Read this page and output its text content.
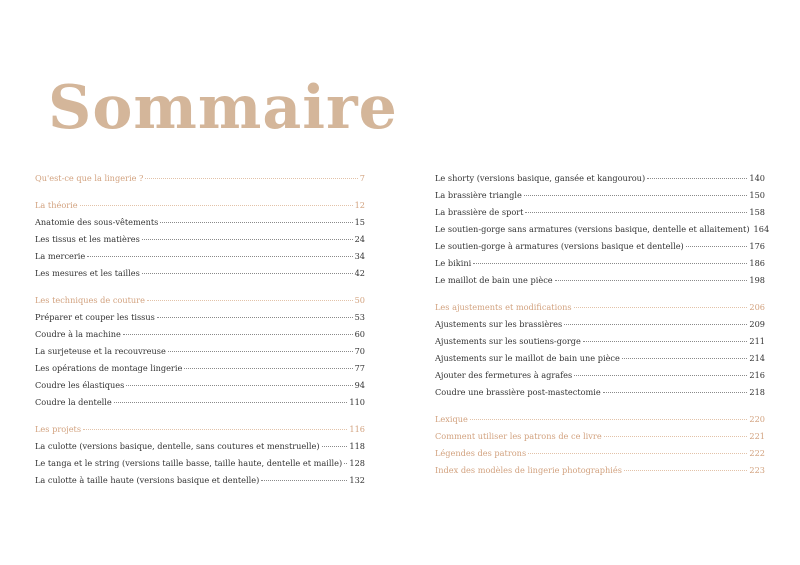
Sommaire
Qu'est-ce que la lingerie ?	7
La théorie	12
Anatomie des sous-vêtements	15
Les tissus et les matières	24
La mercerie	34
Les mesures et les tailles	42
Les techniques de couture	50
Préparer et couper les tissus	53
Coudre à la machine	60
La surjeteuse et la recouvreuse	70
Les opérations de montage lingerie	77
Coudre les élastiques	94
Coudre la dentelle	110
Les projets	116
La culotte (versions basique, dentelle, sans coutures et menstruelle)	118
Le tanga et le string (versions taille basse, taille haute, dentelle et maille) 128
La culotte à taille haute (versions basique et dentelle)	132
Le shorty (versions basique, gansée et kangourou)	140
La brassière triangle	150
La brassière de sport	158
Le soutien-gorge sans armatures (versions basique, dentelle et allaitement) 164
Le soutien-gorge à armatures (versions basique et dentelle)	176
Le bikini	186
Le maillot de bain une pièce	198
Les ajustements et modifications	206
Ajustements sur les brassières	209
Ajustements sur les soutiens-gorge	211
Ajustements sur le maillot de bain une pièce	214
Ajouter des fermetures à agrafes	216
Coudre une brassière post-mastectomie	218
Lexique	220
Comment utiliser les patrons de ce livre	221
Légendes des patrons	222
Index des modèles de lingerie photographiés	223
